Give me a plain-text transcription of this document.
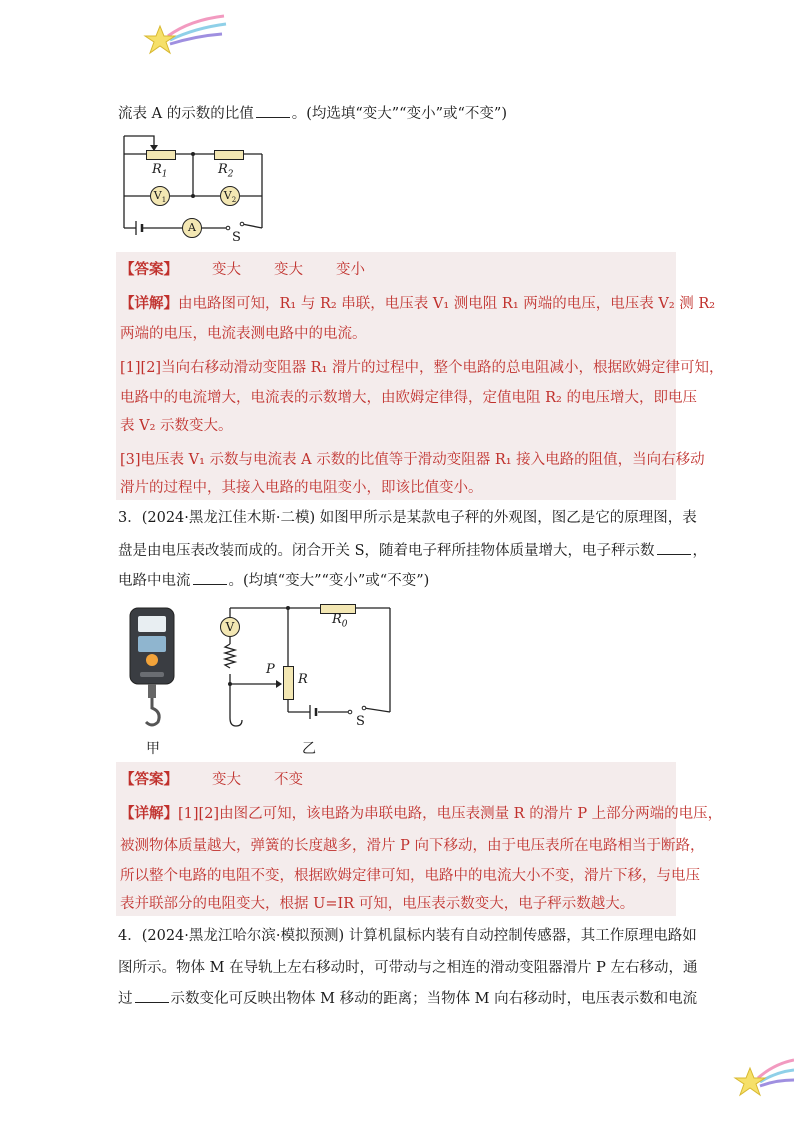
流表 A 的示数的比值	。(均选填“变大”“变小”或“不变”)
$R_1$	$R_2$
$V_1$	$V_2$
A
S
【答案】 变大 变大 变小
【详解】由电路图可知，R₁ 与 R₂ 串联，电压表 V₁ 测电阻 R₁ 两端的电压，电压表 V₂ 测 R₂
两端的电压，电流表测电路中的电流。
[1][2]当向右移动滑动变阻器 R₁ 滑片的过程中，整个电路的总电阻减小，根据欧姆定律可知，
电路中的电流增大，电流表的示数增大，由欧姆定律得，定值电阻 R₂ 的电压增大，即电压
表 V₂ 示数变大。
[3]电压表 V₁ 示数与电流表 A 示数的比值等于滑动变阻器 R₁ 接入电路的阻值，当向右移动
滑片的过程中，其接入电路的电阻变小，即该比值变小。
3．(2024·黑龙江佳木斯·二模) 如图甲所示是某款电子秤的外观图，图乙是它的原理图，表
盘是由电压表改装而成的。闭合开关 S，随着电子秤所挂物体质量增大，电子秤示数	，
电路中电流	。(均填“变大”“变小”或“不变”)
甲
V	$R_0$
P
R
S
乙
【答案】 变大 不变
【详解】[1][2]由图乙可知，该电路为串联电路，电压表测量 R 的滑片 P 上部分两端的电压，
被测物体质量越大，弹簧的长度越多，滑片 P 向下移动，由于电压表所在电路相当于断路，
所以整个电路的电阻不变，根据欧姆定律可知，电路中的电流大小不变，滑片下移，与电压
表并联部分的电阻变大，根据 U=IR 可知，电压表示数变大，电子秤示数越大。
4．(2024·黑龙江哈尔滨·模拟预测) 计算机鼠标内装有自动控制传感器，其工作原理电路如
图所示。物体 M 在导轨上左右移动时，可带动与之相连的滑动变阻器滑片 P 左右移动，通
过	示数变化可反映出物体 M 移动的距离；当物体 M 向右移动时，电压表示数和电流
